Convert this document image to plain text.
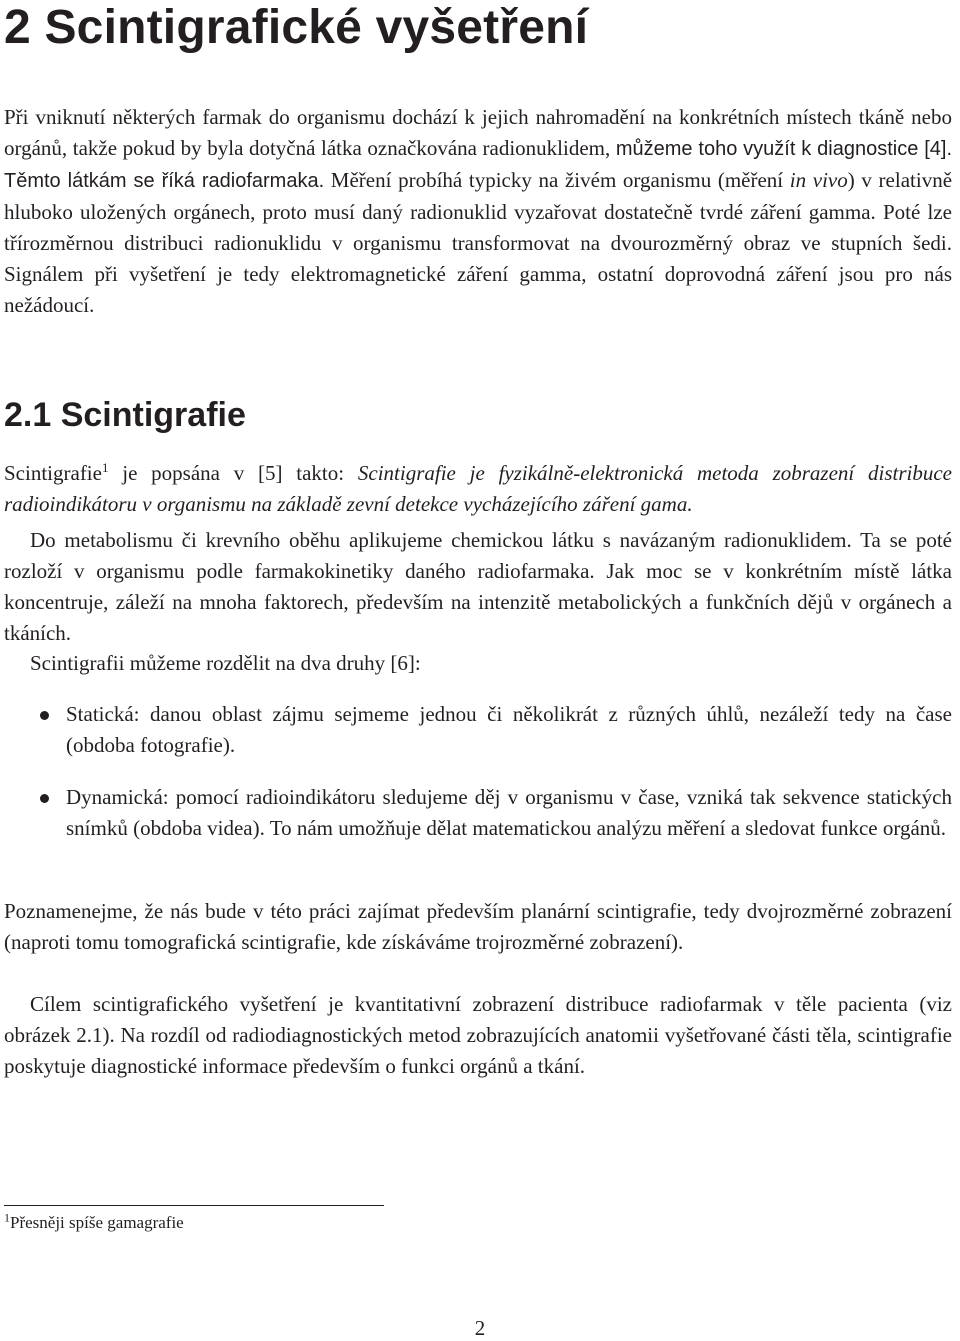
2 Scintigrafické vyšetření

Při vniknutí některých farmak do organismu dochází k jejich nahromadění na konkrétních místech tkáně nebo orgánů, takže pokud by byla dotyčná látka označkována radionuklidem, můžeme toho využít k diagnostice [4]. Těmto látkám se říká radiofarmaka. Měření probíhá typicky na živém organismu (měření in vivo) v relativně hluboko uložených orgánech, proto musí daný radionuklid vyzařovat dostatečně tvrdé záření gamma. Poté lze třírozměrnou distribuci radionuklidu v organismu transformovat na dvourozměrný obraz ve stupních šedi. Signálem při vyšetření je tedy elektromagnetické záření gamma, ostatní doprovodná záření jsou pro nás nežádoucí.

2.1 Scintigrafie

Scintigrafie$^1$ je popsána v [5] takto: Scintigrafie je fyzikálně-elektronická metoda zobrazení distribuce radioindikátoru v organismu na základě zevní detekce vycházejícího záření gama.

Do metabolismu či krevního oběhu aplikujeme chemickou látku s navázaným radionuklidem. Ta se poté rozloží v organismu podle farmakokinetiky daného radiofarmaka. Jak moc se v konkrétním místě látka koncentruje, záleží na mnoha faktorech, především na intenzitě metabolických a funkčních dějů v orgánech a tkáních.

Scintigrafii můžeme rozdělit na dva druhy [6]:

Statická: danou oblast zájmu sejmeme jednou či několikrát z různých úhlů, nezáleží tedy na čase (obdoba fotografie).
Dynamická: pomocí radioindikátoru sledujeme děj v organismu v čase, vzniká tak sekvence statických snímků (obdoba videa). To nám umožňuje dělat matematickou analýzu měření a sledovat funkce orgánů.

Poznamenejme, že nás bude v této práci zajímat především planární scintigrafie, tedy dvojrozměrné zobrazení (naproti tomu tomografická scintigrafie, kde získáváme trojrozměrné zobrazení).

Cílem scintigrafického vyšetření je kvantitativní zobrazení distribuce radiofarmak v těle pacienta (viz obrázek 2.1). Na rozdíl od radiodiagnostických metod zobrazujících anatomii vyšetřované části těla, scintigrafie poskytuje diagnostické informace především o funkci orgánů a tkání.

$^1$Přesněji spíše gamagrafie

2
